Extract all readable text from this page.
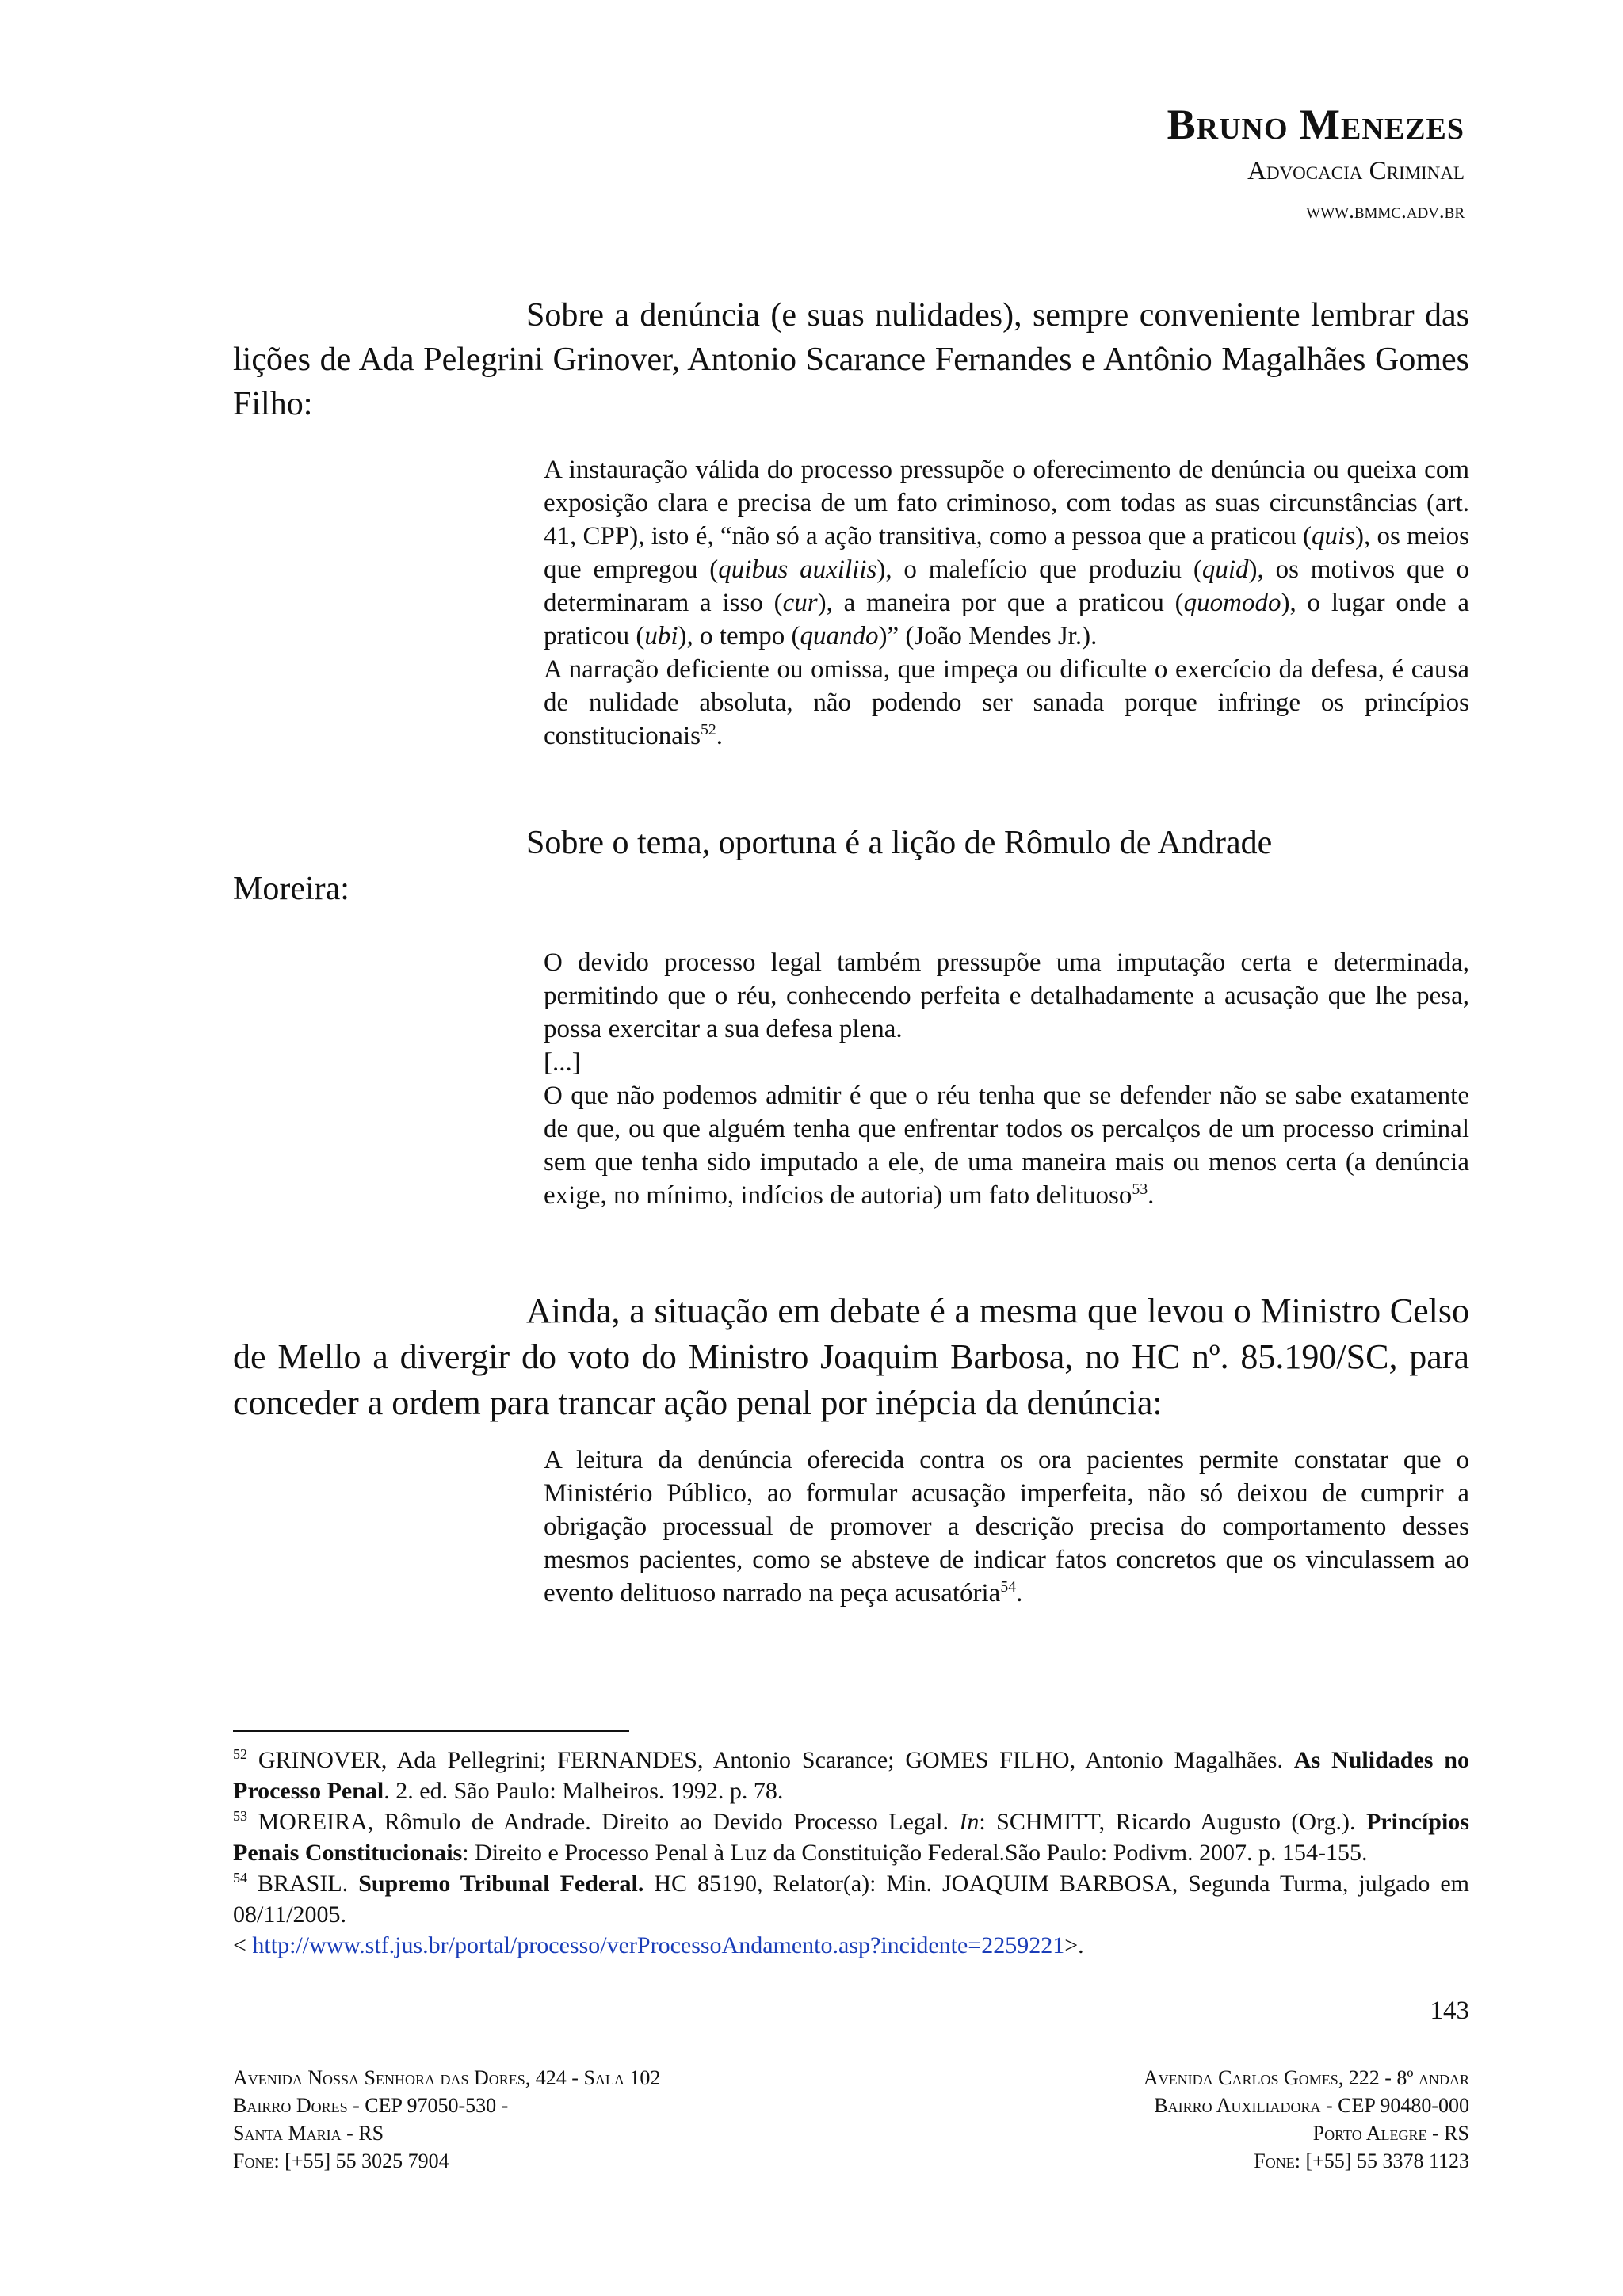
Bruno Menezes
Advocacia Criminal
www.bmmc.adv.br
Sobre a denúncia (e suas nulidades), sempre conveniente lembrar das lições de Ada Pelegrini Grinover, Antonio Scarance Fernandes e Antônio Magalhães Gomes Filho:

A instauração válida do processo pressupõe o oferecimento de denúncia ou queixa com exposição clara e precisa de um fato criminoso, com todas as suas circunstâncias (art. 41, CPP), isto é, “não só a ação transitiva, como a pessoa que a praticou (quis), os meios que empregou (quibus auxiliis), o malefício que produziu (quid), os motivos que o determinaram a isso (cur), a maneira por que a praticou (quomodo), o lugar onde a praticou (ubi), o tempo (quando)” (João Mendes Jr.).

A narração deficiente ou omissa, que impeça ou dificulte o exercício da defesa, é causa de nulidade absoluta, não podendo ser sanada porque infringe os princípios constitucionais$^{52}$.

Sobre o tema, oportuna é a lição de Rômulo de Andrade
Moreira:

O devido processo legal também pressupõe uma imputação certa e determinada, permitindo que o réu, conhecendo perfeita e detalhadamente a acusação que lhe pesa, possa exercitar a sua defesa plena.

[...]

O que não podemos admitir é que o réu tenha que se defender não se sabe exatamente de que, ou que alguém tenha que enfrentar todos os percalços de um processo criminal sem que tenha sido imputado a ele, de uma maneira mais ou menos certa (a denúncia exige, no mínimo, indícios de autoria) um fato delituoso$^{53}$.

Ainda, a situação em debate é a mesma que levou o Ministro Celso de Mello a divergir do voto do Ministro Joaquim Barbosa, no HC nº. 85.190/SC, para conceder a ordem para trancar ação penal por inépcia da denúncia:

A leitura da denúncia oferecida contra os ora pacientes permite constatar que o Ministério Público, ao formular acusação imperfeita, não só deixou de cumprir a obrigação processual de promover a descrição precisa do comportamento desses mesmos pacientes, como se absteve de indicar fatos concretos que os vinculassem ao evento delituoso narrado na peça acusatória$^{54}$.

$^{52}$ GRINOVER, Ada Pellegrini; FERNANDES, Antonio Scarance; GOMES FILHO, Antonio Magalhães. As Nulidades no Processo Penal. 2. ed. São Paulo: Malheiros. 1992. p. 78.

$^{53}$ MOREIRA, Rômulo de Andrade. Direito ao Devido Processo Legal. In: SCHMITT, Ricardo Augusto (Org.). Princípios Penais Constitucionais: Direito e Processo Penal à Luz da Constituição Federal.São Paulo: Podivm. 2007. p. 154-155.

$^{54}$ BRASIL. Supremo Tribunal Federal. HC 85190, Relator(a): Min. JOAQUIM BARBOSA, Segunda Turma, julgado em 08/11/2005.

< http://www.stf.jus.br/portal/processo/verProcessoAndamento.asp?incidente=2259221>.

143
Avenida Nossa Senhora das Dores, 424 - Sala 102
Bairro Dores - CEP 97050-530 -
Santa Maria - RS
Fone: [+55] 55 3025 7904
Avenida Carlos Gomes, 222 - 8º andar
Bairro Auxiliadora - CEP 90480-000
Porto Alegre - RS
Fone: [+55] 55 3378 1123
